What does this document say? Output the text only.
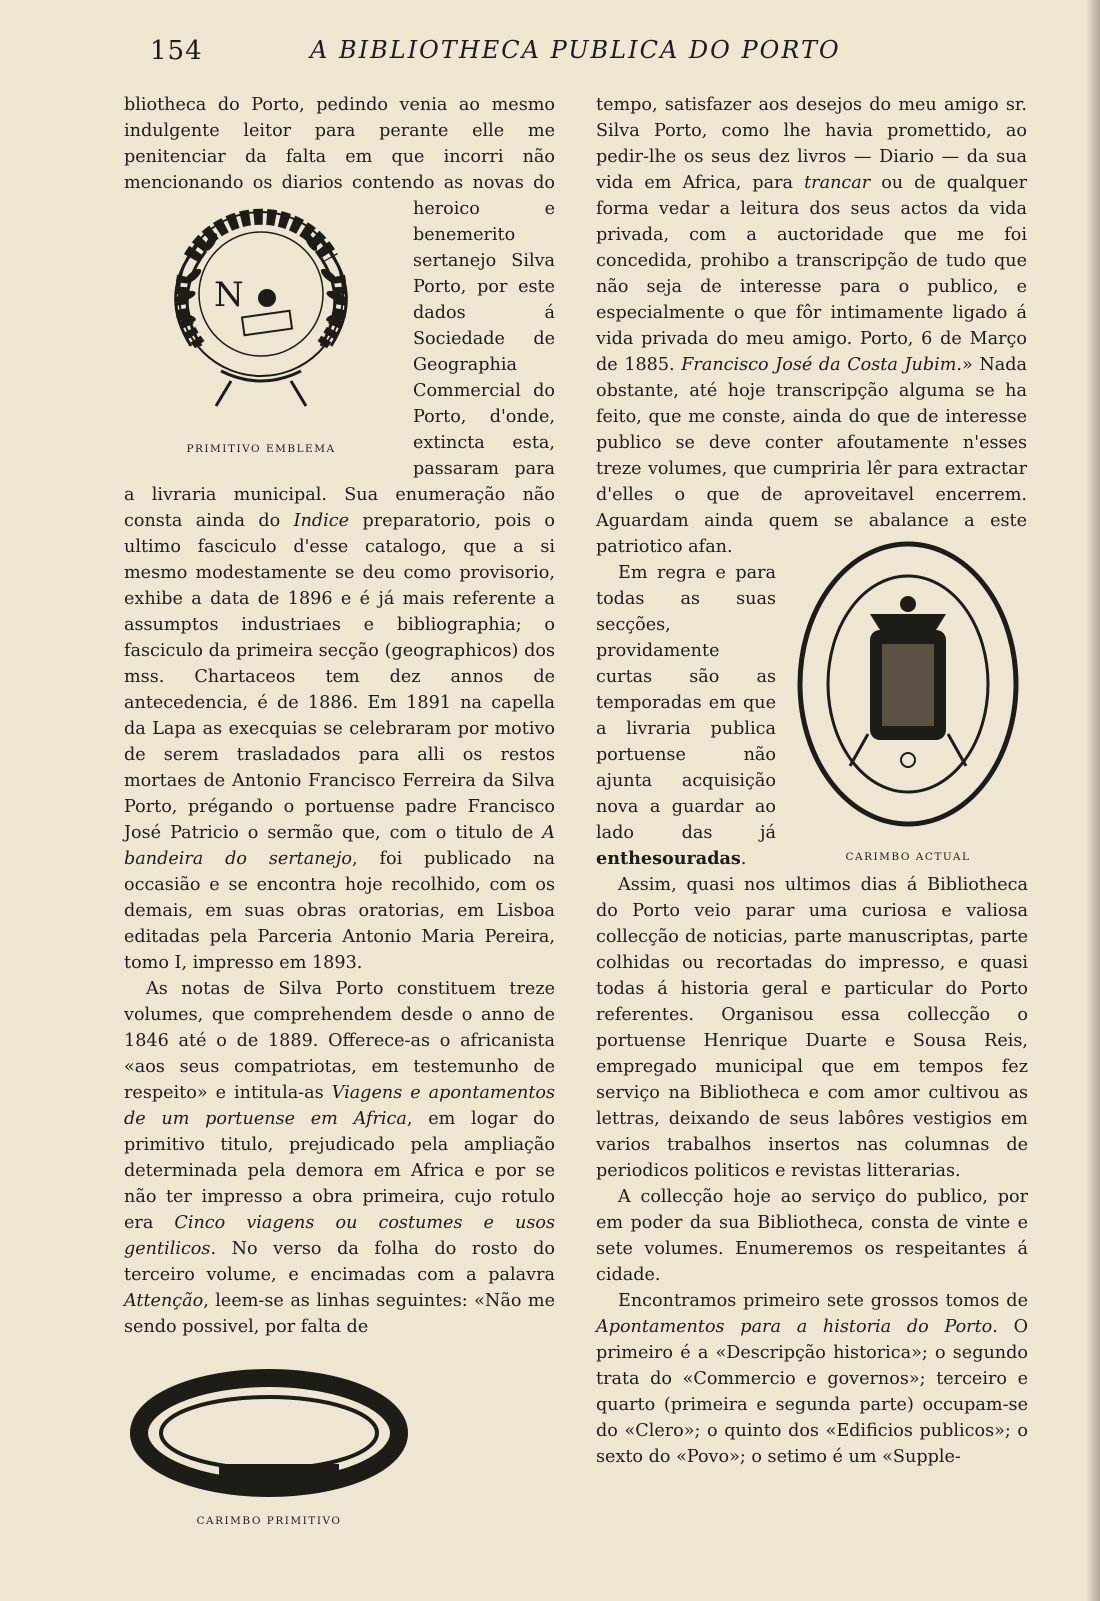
154	A BIBLIOTHECA PUBLICA DO PORTO
N
PRIMITIVO EMBLEMA
CARIMBO PRIMITIVO

bliotheca do Porto, pedindo venia ao mesmo indulgente leitor para perante elle me penitenciar da falta em que incorri não mencionando os diarios contendo as novas do heroico e benemerito sertanejo Silva Porto, por este dados á Sociedade de Geographia Commercial do Porto, d'onde, extincta esta, passaram para a livraria municipal. Sua enumeração não consta ainda do Indice preparatorio, pois o ultimo fasciculo d'esse catalogo, que a si mesmo modestamente se deu como provisorio, exhibe a data de 1896 e é já mais referente a assumptos industriaes e bibliographia; o fasciculo da primeira secção (geographicos) dos mss. Chartaceos tem dez annos de antecedencia, é de 1886. Em 1891 na capella da Lapa as execquias se celebraram por motivo de serem trasladados para alli os restos mortaes de Antonio Francisco Ferreira da Silva Porto, prégando o portuense padre Francisco José Patricio o sermão que, com o titulo de A bandeira do sertanejo, foi publicado na occasião e se encontra hoje recolhido, com os demais, em suas obras oratorias, em Lisboa editadas pela Parceria Antonio Maria Pereira, tomo I, impresso em 1893.

As notas de Silva Porto constituem treze volumes, que comprehendem desde o anno de 1846 até o de 1889. Offerece-as o africanista «aos seus compatriotas, em testemunho de respeito» e intitula-as Viagens e apontamentos de um portuense em Africa, em logar do primitivo titulo, prejudicado pela ampliação determinada pela demora em Africa e por se não ter impresso a obra primeira, cujo rotulo era Cinco viagens ou costumes e usos gentilicos. No verso da folha do rosto do terceiro volume, e encimadas com a palavra Attenção, leem-se as linhas seguintes: «Não me sendo possivel, por falta de

CARIMBO ACTUAL

tempo, satisfazer aos desejos do meu amigo sr. Silva Porto, como lhe havia promettido, ao pedir-lhe os seus dez livros — Diario — da sua vida em Africa, para trancar ou de qualquer forma vedar a leitura dos seus actos da vida privada, com a auctoridade que me foi concedida, prohibo a transcripção de tudo que não seja de interesse para o publico, e especialmente o que fôr intimamente ligado á vida privada do meu amigo. Porto, 6 de Março de 1885. Francisco José da Costa Jubim.» Nada obstante, até hoje transcripção alguma se ha feito, que me conste, ainda do que de interesse publico se deve conter afoutamente n'esses treze volumes, que cumpriria lêr para extractar d'elles o que de aproveitavel encerrem. Aguardam ainda quem se abalance a este patriotico afan.

Em regra e para todas as suas secções, providamente curtas são as temporadas em que a livraria publica portuense não ajunta acquisição nova a guardar ao lado das já enthesouradas.

Assim, quasi nos ultimos dias á Bibliotheca do Porto veio parar uma curiosa e valiosa collecção de noticias, parte manuscriptas, parte colhidas ou recortadas do impresso, e quasi todas á historia geral e particular do Porto referentes. Organisou essa collecção o portuense Henrique Duarte e Sousa Reis, empregado municipal que em tempos fez serviço na Bibliotheca e com amor cultivou as lettras, deixando de seus labôres vestigios em varios trabalhos insertos nas columnas de periodicos politicos e revistas litterarias.

A collecção hoje ao serviço do publico, por em poder da sua Bibliotheca, consta de vinte e sete volumes. Enumeremos os respeitantes á cidade.

Encontramos primeiro sete grossos tomos de Apontamentos para a historia do Porto. O primeiro é a «Descripção historica»; o segundo trata do «Commercio e governos»; terceiro e quarto (primeira e segunda parte) occupam-se do «Clero»; o quinto dos «Edificios publicos»; o sexto do «Povo»; o setimo é um «Supple-
